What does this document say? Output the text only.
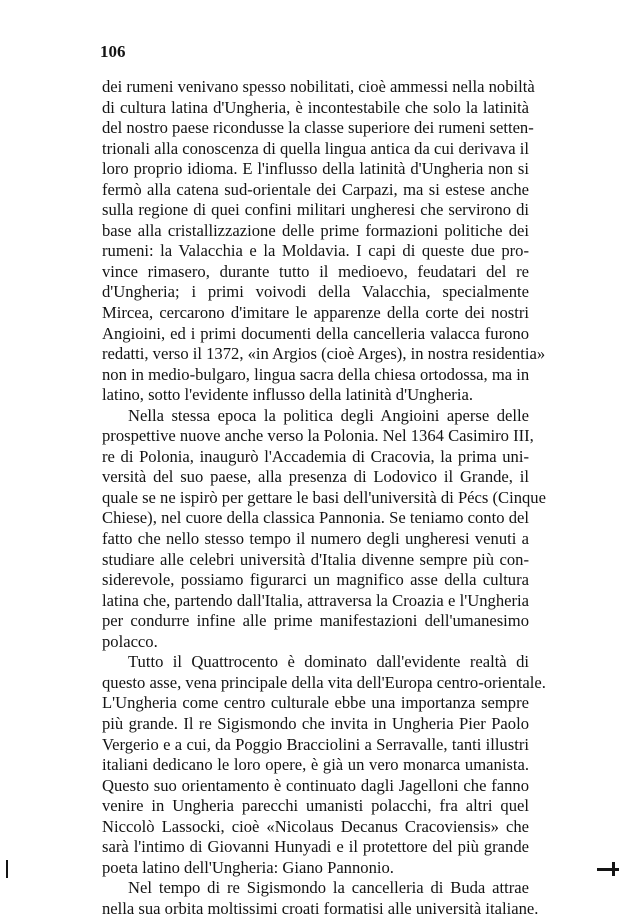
106
dei rumeni venivano spesso nobilitati, cioè ammessi nella nobiltà
di cultura latina d'Ungheria, è incontestabile che solo la latinità
del nostro paese ricondusse la classe superiore dei rumeni setten-
trionali alla conoscenza di quella lingua antica da cui derivava il
loro proprio idioma. E l'influsso della latinità d'Ungheria non si
fermò alla catena sud-orientale dei Carpazi, ma si estese anche
sulla regione di quei confini militari ungheresi che servirono di
base alla cristallizzazione delle prime formazioni politiche dei
rumeni: la Valacchia e la Moldavia. I capi di queste due pro-
vince rimasero, durante tutto il medioevo, feudatari del re
d'Ungheria; i primi voivodi della Valacchia, specialmente
Mircea, cercarono d'imitare le apparenze della corte dei nostri
Angioini, ed i primi documenti della cancelleria valacca furono
redatti, verso il 1372, «in Argios (cioè Arges), in nostra residentia»
non in medio-bulgaro, lingua sacra della chiesa ortodossa, ma in
latino, sotto l'evidente influsso della latinità d'Ungheria.
Nella stessa epoca la politica degli Angioini aperse delle
prospettive nuove anche verso la Polonia. Nel 1364 Casimiro III,
re di Polonia, inaugurò l'Accademia di Cracovia, la prima uni-
versità del suo paese, alla presenza di Lodovico il Grande, il
quale se ne ispirò per gettare le basi dell'università di Pécs (Cinque
Chiese), nel cuore della classica Pannonia. Se teniamo conto del
fatto che nello stesso tempo il numero degli ungheresi venuti a
studiare alle celebri università d'Italia divenne sempre più con-
siderevole, possiamo figurarci un magnifico asse della cultura
latina che, partendo dall'Italia, attraversa la Croazia e l'Ungheria
per condurre infine alle prime manifestazioni dell'umanesimo
polacco.
Tutto il Quattrocento è dominato dall'evidente realtà di
questo asse, vena principale della vita dell'Europa centro-orientale.
L'Ungheria come centro culturale ebbe una importanza sempre
più grande. Il re Sigismondo che invita in Ungheria Pier Paolo
Vergerio e a cui, da Poggio Bracciolini a Serravalle, tanti illustri
italiani dedicano le loro opere, è già un vero monarca umanista.
Questo suo orientamento è continuato dagli Jagelloni che fanno
venire in Ungheria parecchi umanisti polacchi, fra altri quel
Niccolò Lassocki, cioè «Nicolaus Decanus Cracoviensis» che
sarà l'intimo di Giovanni Hunyadi e il protettore del più grande
poeta latino dell'Ungheria: Giano Pannonio.
Nel tempo di re Sigismondo la cancelleria di Buda attrae
nella sua orbita moltissimi croati formatisi alle università italiane.
